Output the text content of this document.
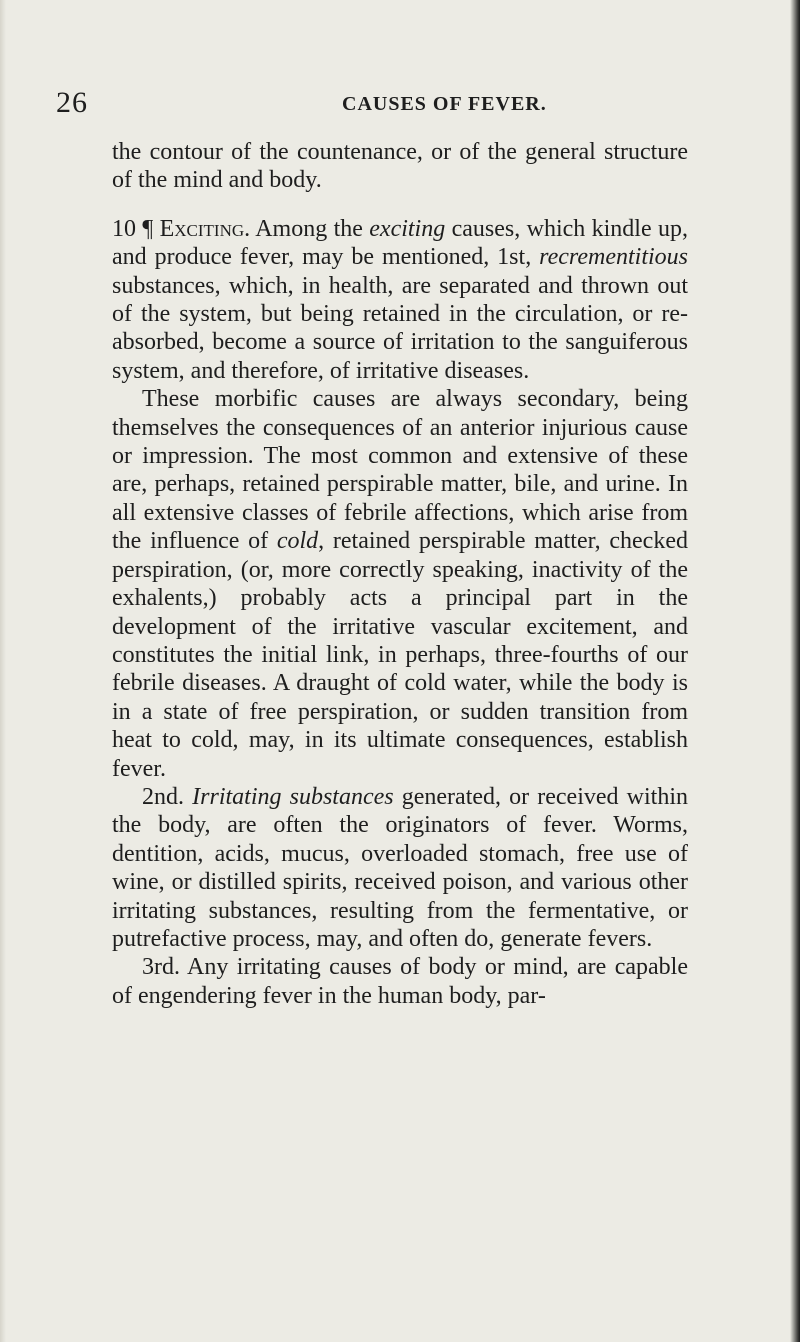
26	CAUSES OF FEVER.

the contour of the countenance, or of the general structure of the mind and body.

10 ¶ Exciting. Among the exciting causes, which kindle up, and produce fever, may be mentioned, 1st, recrementitious substances, which, in health, are separated and thrown out of the system, but being retained in the circulation, or re-absorbed, become a source of irritation to the sanguiferous system, and therefore, of irritative diseases.

These morbific causes are always secondary, being themselves the consequences of an anterior injurious cause or impression. The most common and extensive of these are, perhaps, retained perspirable matter, bile, and urine. In all extensive classes of febrile affections, which arise from the influence of cold, retained perspirable matter, checked perspiration, (or, more correctly speaking, inactivity of the exhalents,) probably acts a principal part in the development of the irritative vascular excitement, and constitutes the initial link, in perhaps, three-fourths of our febrile diseases. A draught of cold water, while the body is in a state of free perspiration, or sudden transition from heat to cold, may, in its ultimate consequences, establish fever.

2nd. Irritating substances generated, or received within the body, are often the originators of fever. Worms, dentition, acids, mucus, overloaded stomach, free use of wine, or distilled spirits, received poison, and various other irritating substances, resulting from the fermentative, or putrefactive process, may, and often do, generate fevers.

3rd. Any irritating causes of body or mind, are capable of engendering fever in the human body, par-
